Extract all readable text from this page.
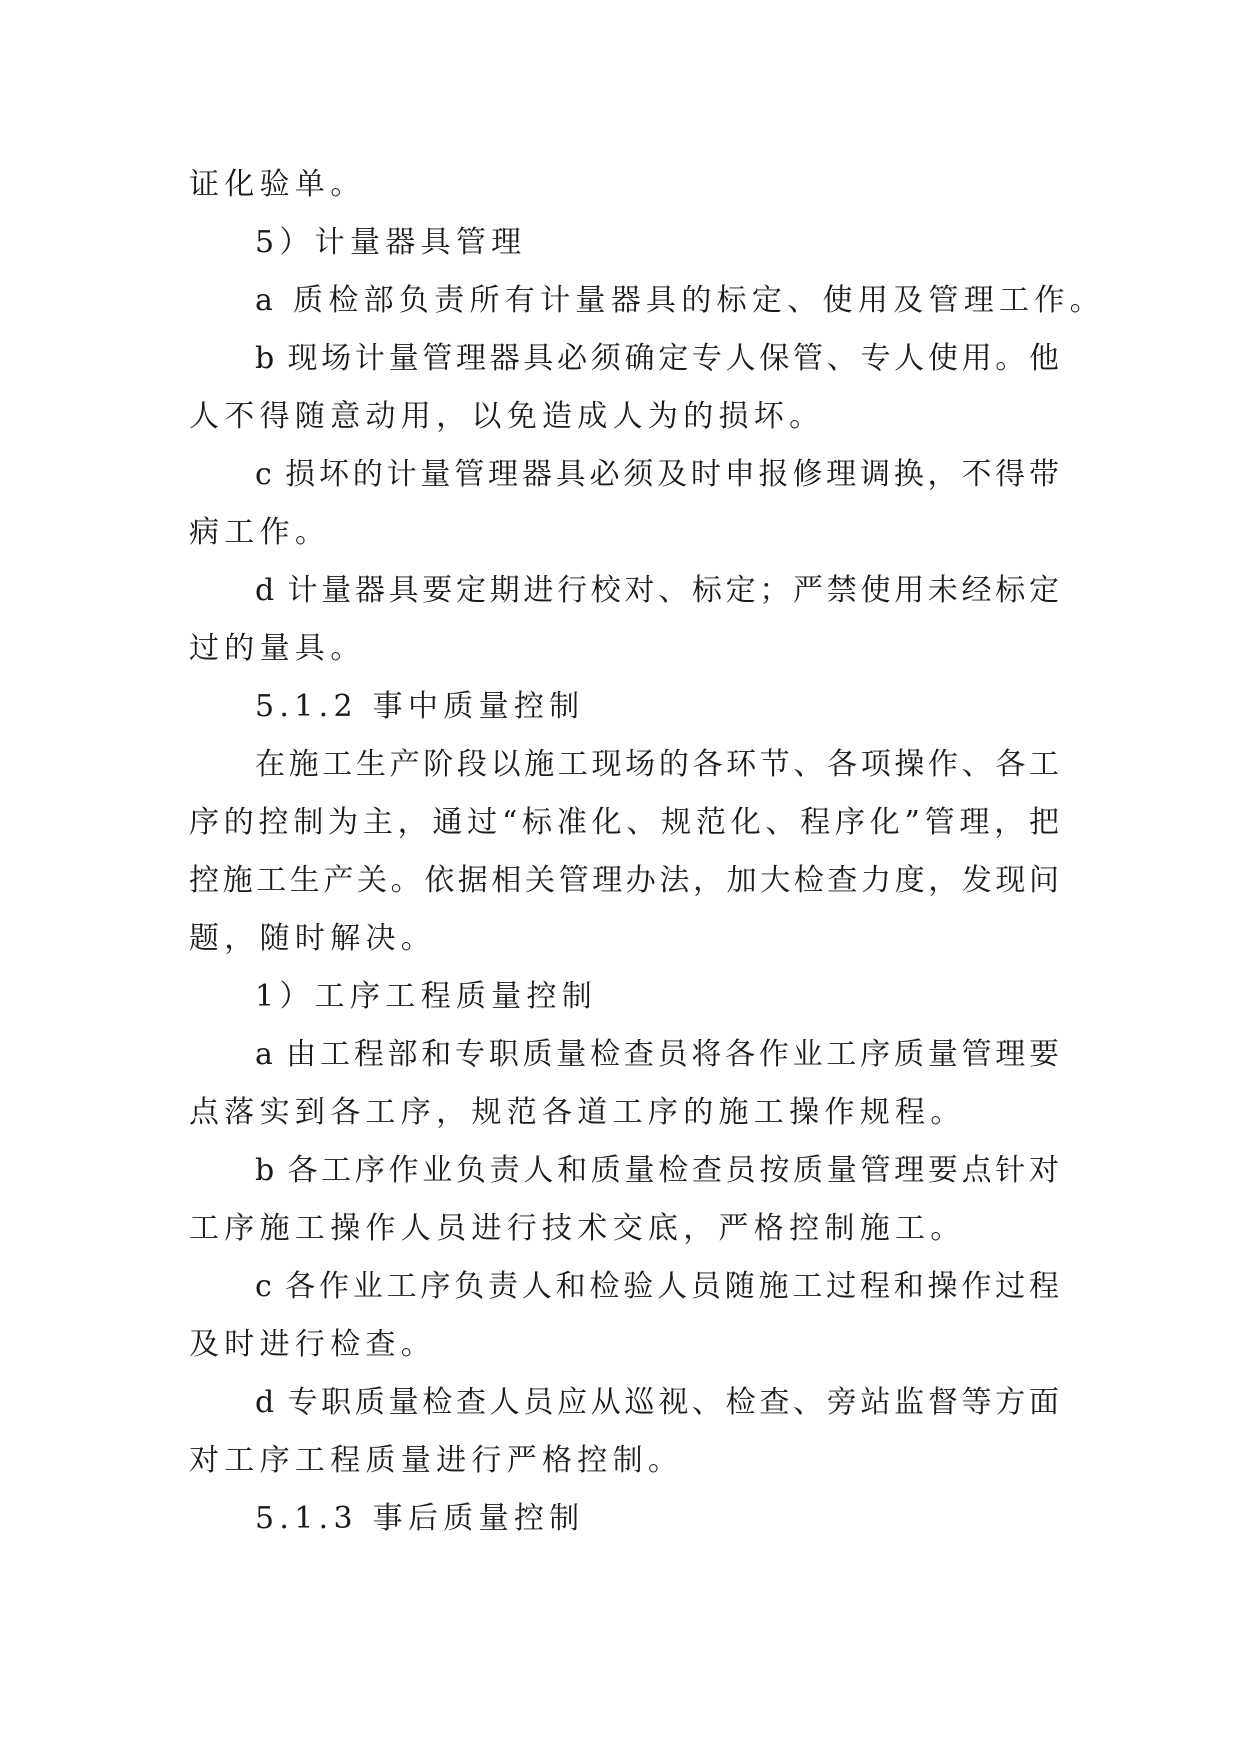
证化验单。
5）计量器具管理
a 质检部负责所有计量器具的标定、使用及管理工作。
b 现场计量管理器具必须确定专人保管、专人使用。他
人不得随意动用，以免造成人为的损坏。
c 损坏的计量管理器具必须及时申报修理调换，不得带
病工作。
d 计量器具要定期进行校对、标定；严禁使用未经标定
过的量具。
5.1.2 事中质量控制
在施工生产阶段以施工现场的各环节、各项操作、各工
序的控制为主，通过“标准化、规范化、程序化”管理，把
控施工生产关。依据相关管理办法，加大检查力度，发现问
题，随时解决。
1）工序工程质量控制
a 由工程部和专职质量检查员将各作业工序质量管理要
点落实到各工序，规范各道工序的施工操作规程。
b 各工序作业负责人和质量检查员按质量管理要点针对
工序施工操作人员进行技术交底，严格控制施工。
c 各作业工序负责人和检验人员随施工过程和操作过程
及时进行检查。
d 专职质量检查人员应从巡视、检查、旁站监督等方面
对工序工程质量进行严格控制。
5.1.3 事后质量控制
